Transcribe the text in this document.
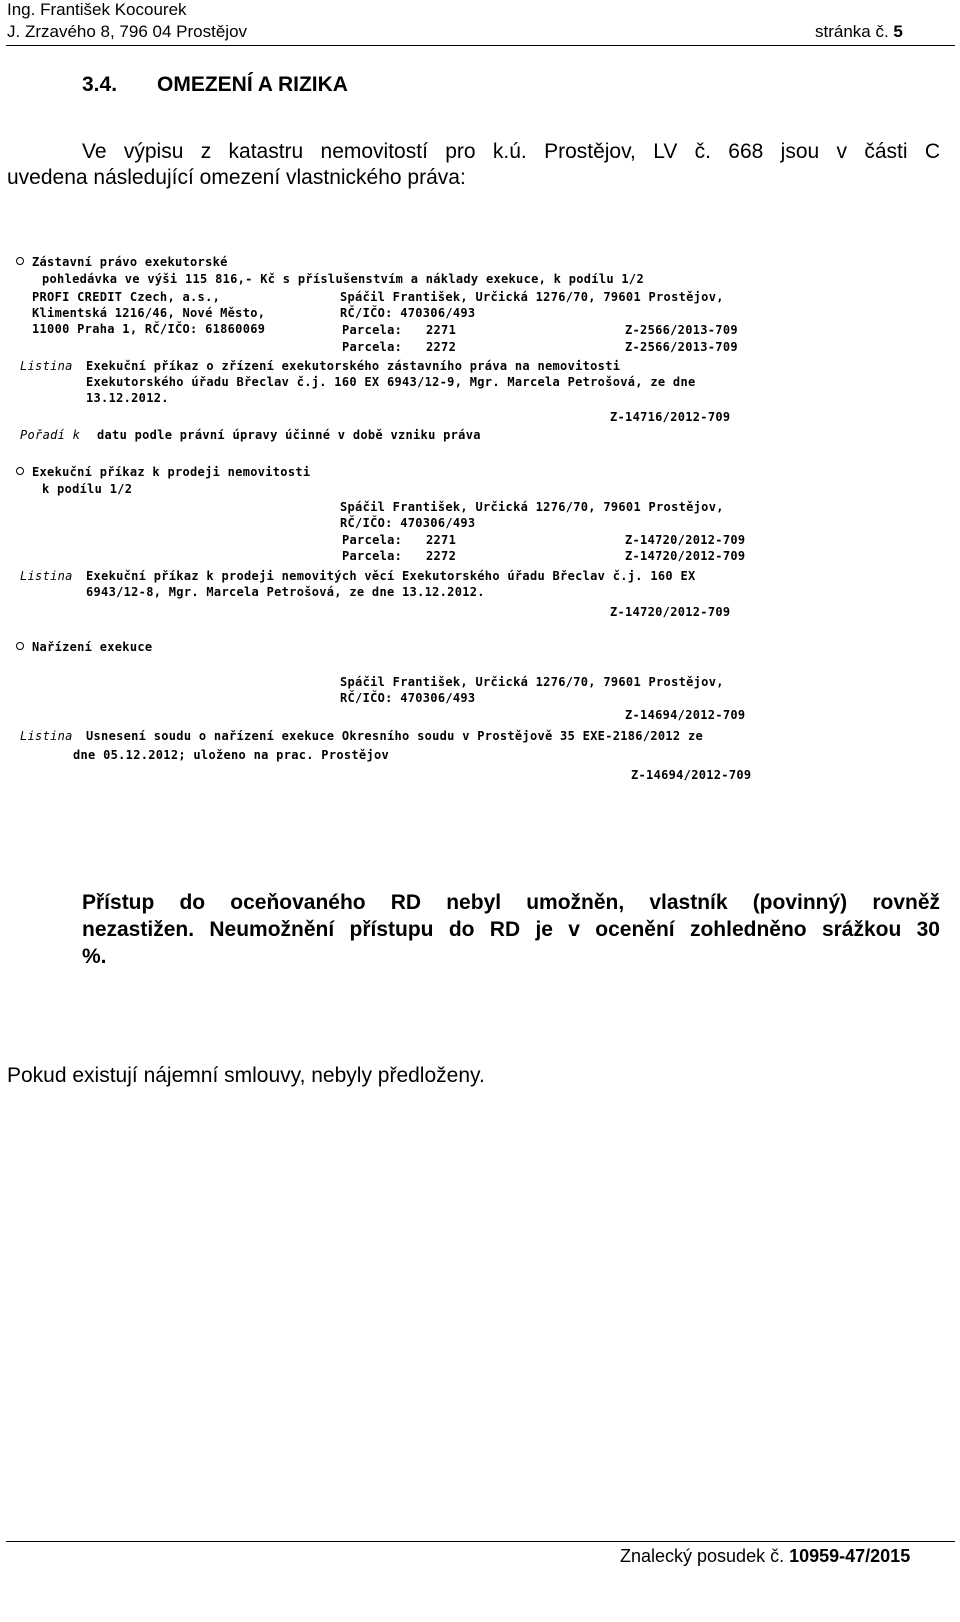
Ing. František Kocourek
J. Zrzavého 8, 796 04 Prostějov	stránka č. 5
3.4. OMEZENÍ A RIZIKA
Ve výpisu z katastru nemovitostí pro k.ú. Prostějov, LV č. 668 jsou v části C
uvedena následující omezení vlastnického práva:
Zástavní právo exekutorské
pohledávka ve výši 115 816,- Kč s příslušenstvím a náklady exekuce, k podílu 1/2
PROFI CREDIT Czech, a.s.,
Klimentská 1216/46, Nové Město,
11000 Praha 1, RČ/IČO: 61860069
Spáčil František, Určická 1276/70, 79601 Prostějov,
RČ/IČO: 470306/493
Parcela: 2271	Z-2566/2013-709
Parcela: 2272	Z-2566/2013-709
Listina Exekuční příkaz o zřízení exekutorského zástavního práva na nemovitosti
Exekutorského úřadu Břeclav č.j. 160 EX 6943/12-9, Mgr. Marcela Petrošová, ze dne
13.12.2012.
Z-14716/2012-709
Pořadí k datu podle právní úpravy účinné v době vzniku práva
Exekuční příkaz k prodeji nemovitosti
k podílu 1/2
Spáčil František, Určická 1276/70, 79601 Prostějov,
RČ/IČO: 470306/493
Parcela: 2271	Z-14720/2012-709
Parcela: 2272	Z-14720/2012-709
Listina Exekuční příkaz k prodeji nemovitých věcí Exekutorského úřadu Břeclav č.j. 160 EX
6943/12-8, Mgr. Marcela Petrošová, ze dne 13.12.2012.
Z-14720/2012-709
Nařízení exekuce
Spáčil František, Určická 1276/70, 79601 Prostějov,
RČ/IČO: 470306/493
Z-14694/2012-709
Listina Usnesení soudu o nařízení exekuce Okresního soudu v Prostějově 35 EXE-2186/2012 ze
dne 05.12.2012; uloženo na prac. Prostějov
Z-14694/2012-709
Přístup do oceňovaného RD nebyl umožněn, vlastník (povinný) rovněž
nezastižen. Neumožnění přístupu do RD je v ocenění zohledněno srážkou 30
%.
Pokud existují nájemní smlouvy, nebyly předloženy.
Znalecký posudek č. 10959-47/2015
